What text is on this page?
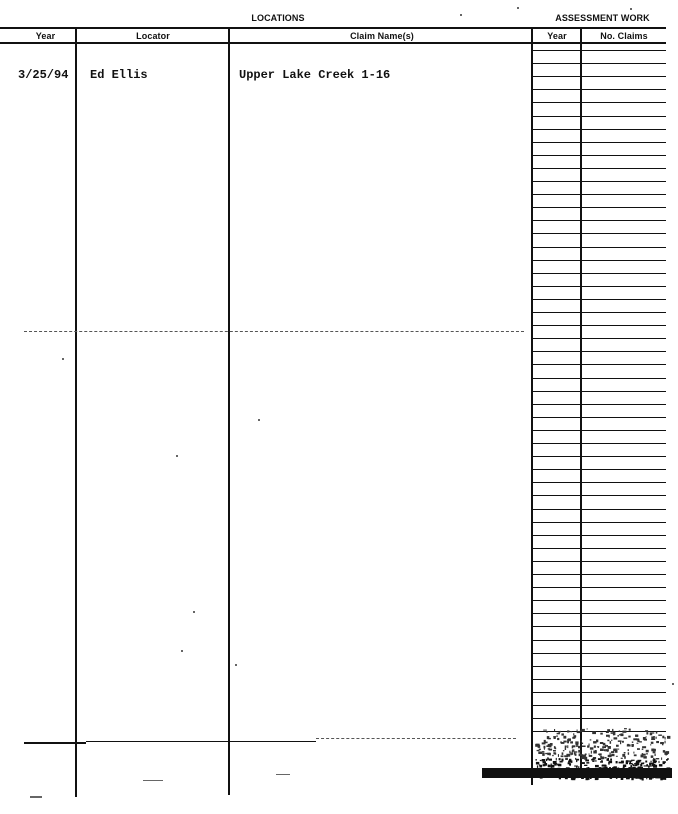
LOCATIONS	ASSESSMENT WORK
Year	Locator	Claim Name(s)	Year	No. Claims
3/25/94 Ed Ellis	Upper Lake Creek 1-16
